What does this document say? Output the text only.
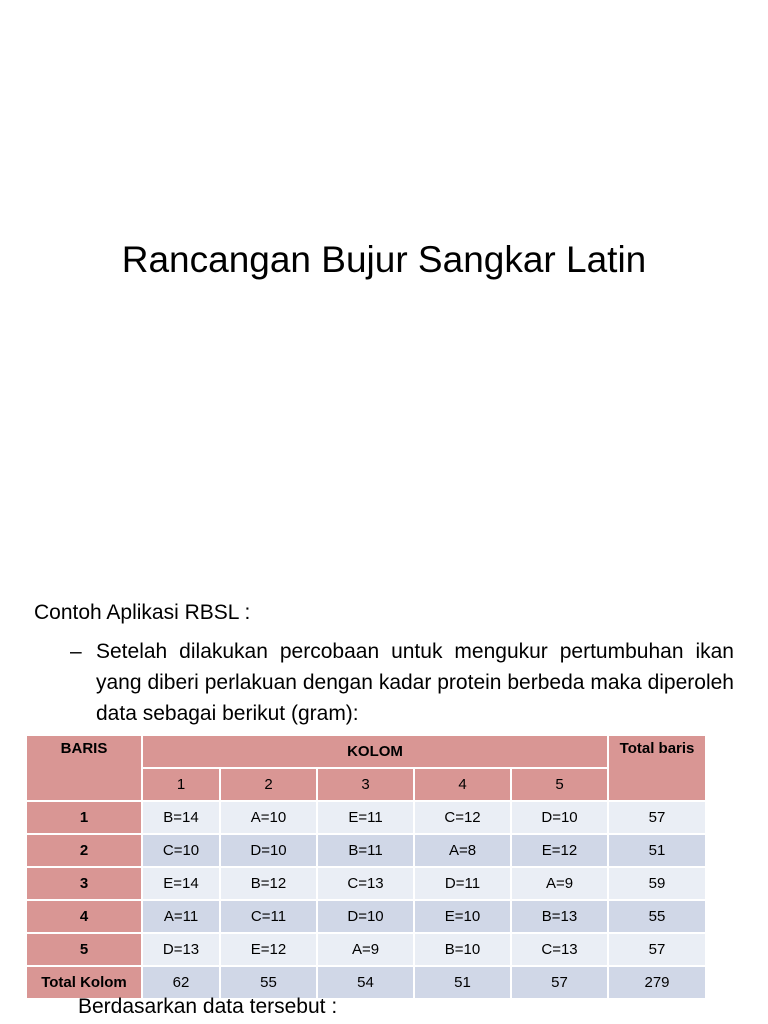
Rancangan Bujur Sangkar Latin
Contoh Aplikasi RBSL :
– Setelah dilakukan percobaan untuk mengukur pertumbuhan ikan yang diberi perlakuan dengan kadar protein berbeda maka diperoleh data sebagai berikut (gram):
BARIS	KOLOM					Total baris
	1	2	3	4	5	
1	B=14	A=10	E=11	C=12	D=10	57
2	C=10	D=10	B=11	A=8	E=12	51
3	E=14	B=12	C=13	D=11	A=9	59
4	A=11	C=11	D=10	E=10	B=13	55
5	D=13	E=12	A=9	B=10	C=13	57
Total Kolom	62	55	54	51	57	279
Berdasarkan data tersebut :
